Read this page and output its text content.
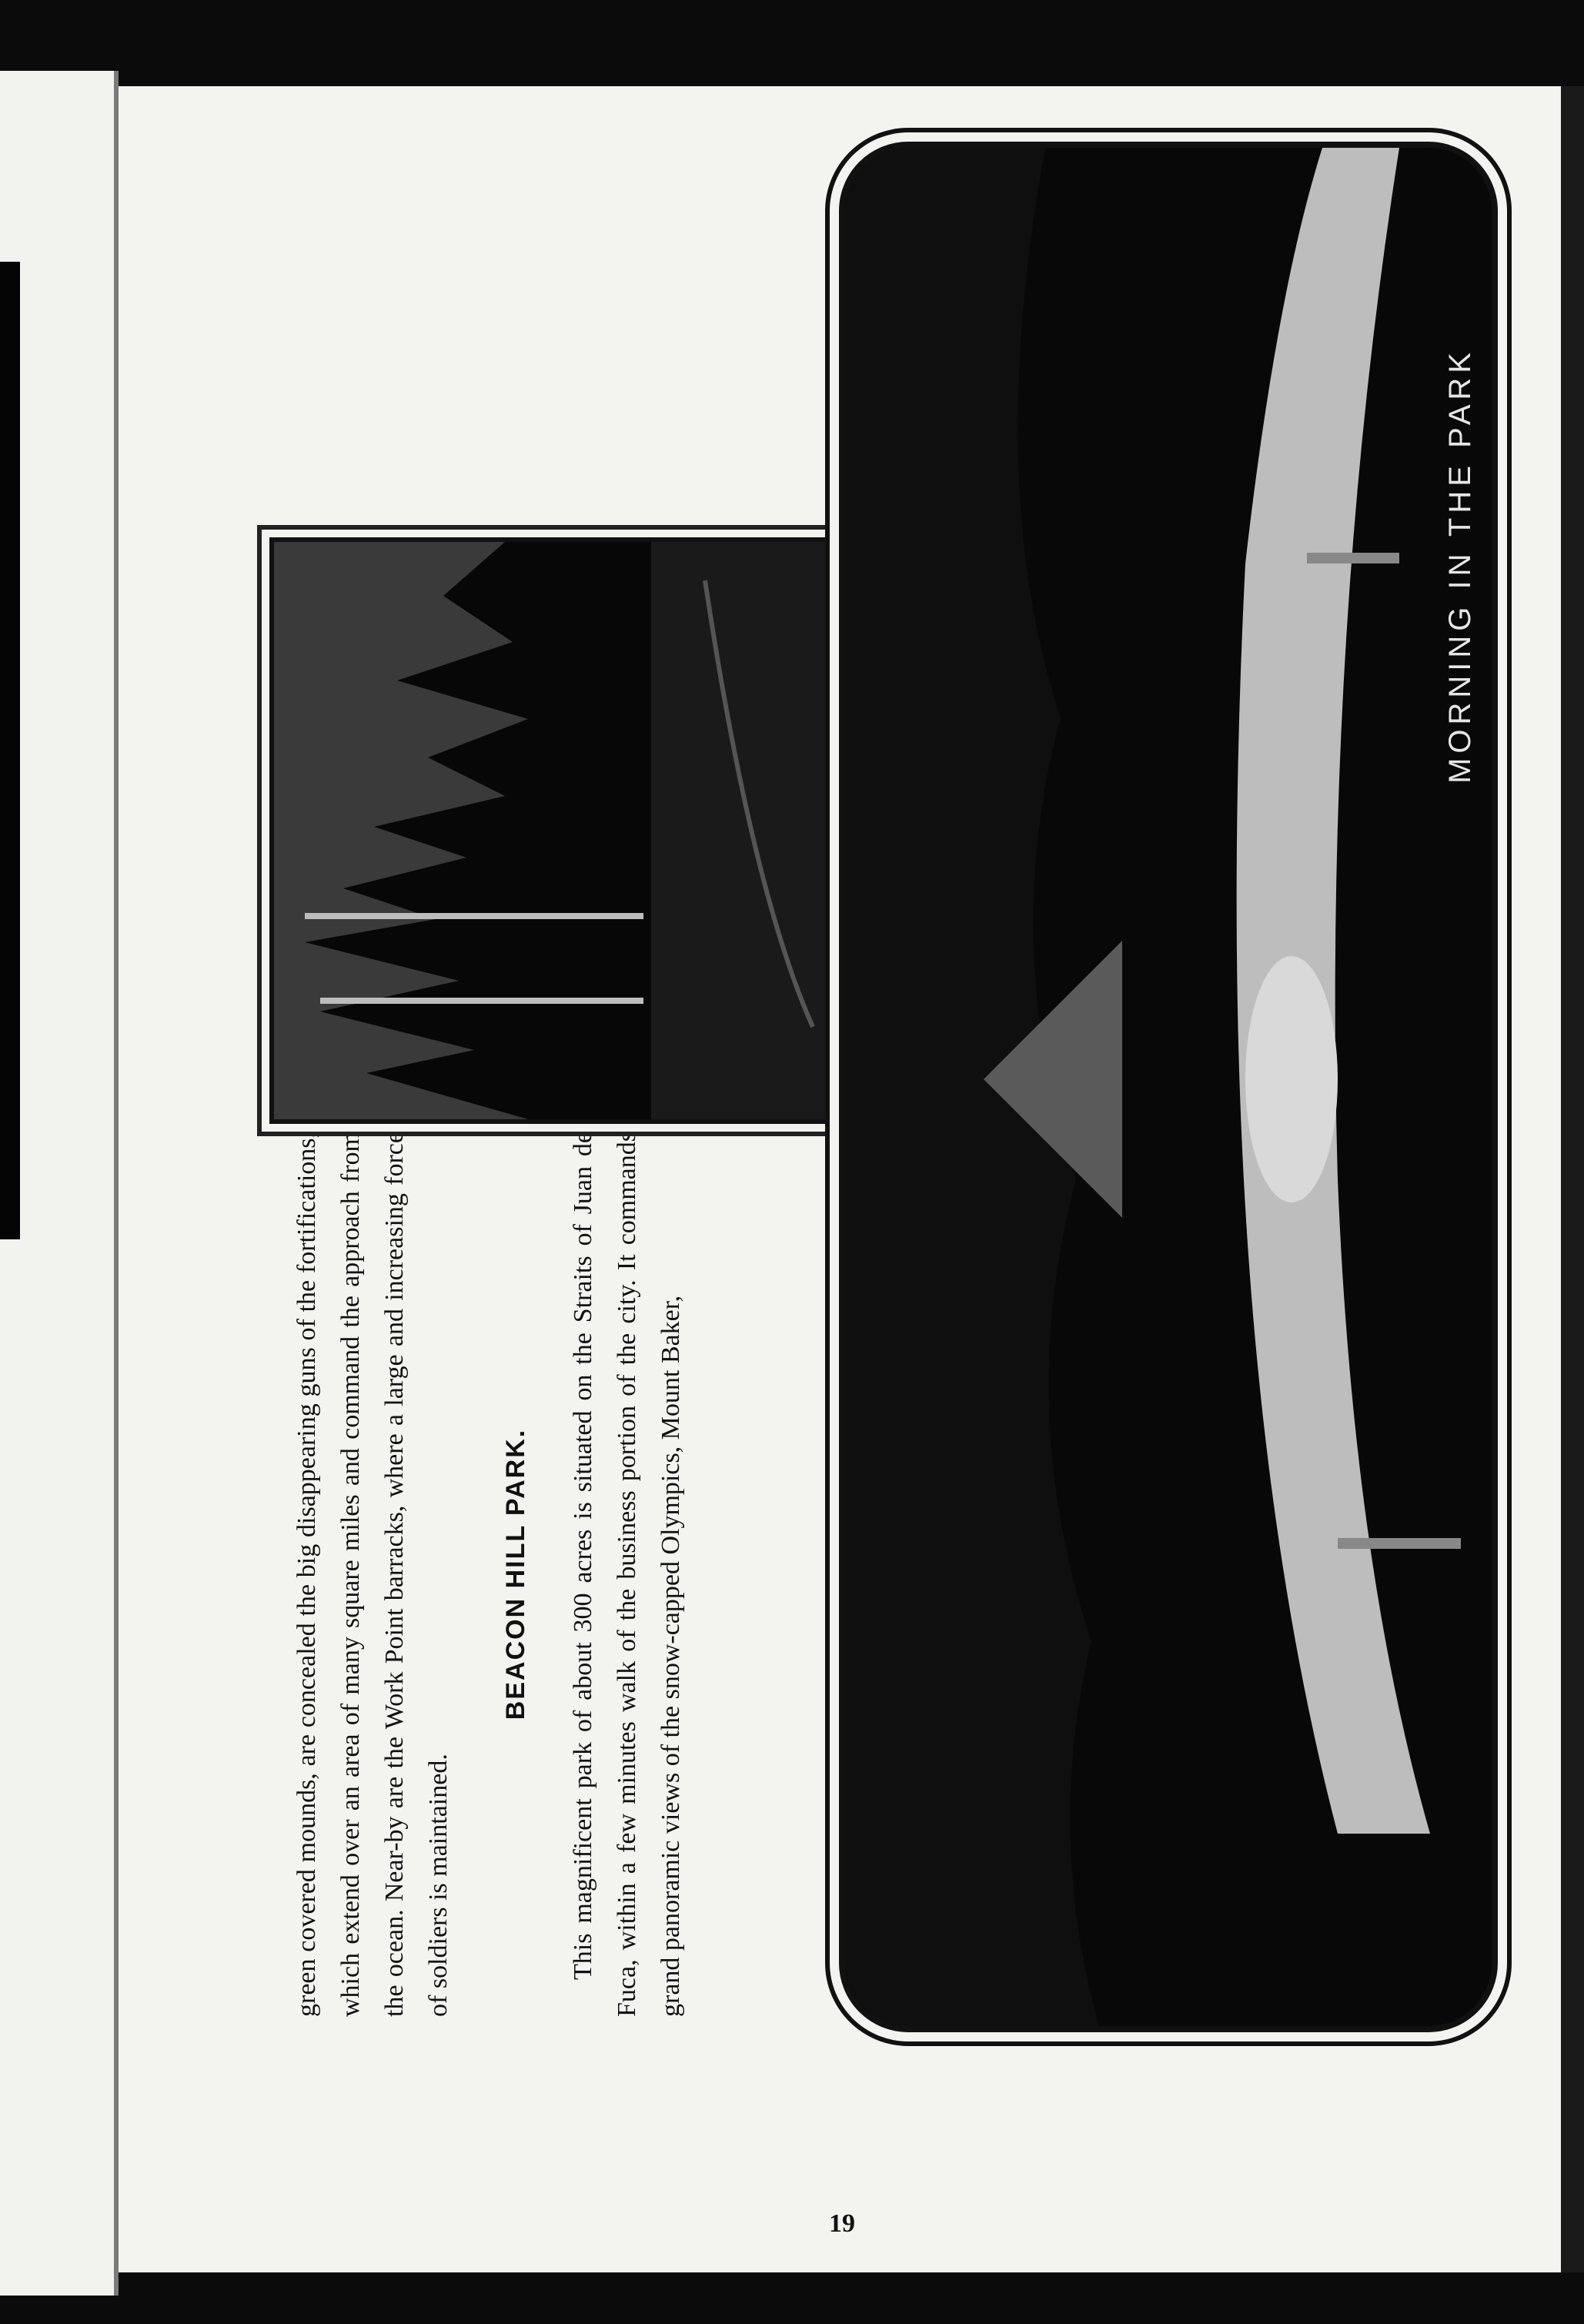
19

green covered mounds, are concealed the big disappearing guns of the fortifications, which extend over an area of many square miles and command the approach from the ocean. Near-by are the Work Point barracks, where a large and increasing force of soldiers is maintained.

BEACON HILL PARK. This magnificent park of about 300 acres is situated on the Straits of Juan de Fuca, within a few minutes walk of the business portion of the city. It commands grand panoramic views of the snow-capped Olympics, Mount Baker,

MORNING IN THE PARK
